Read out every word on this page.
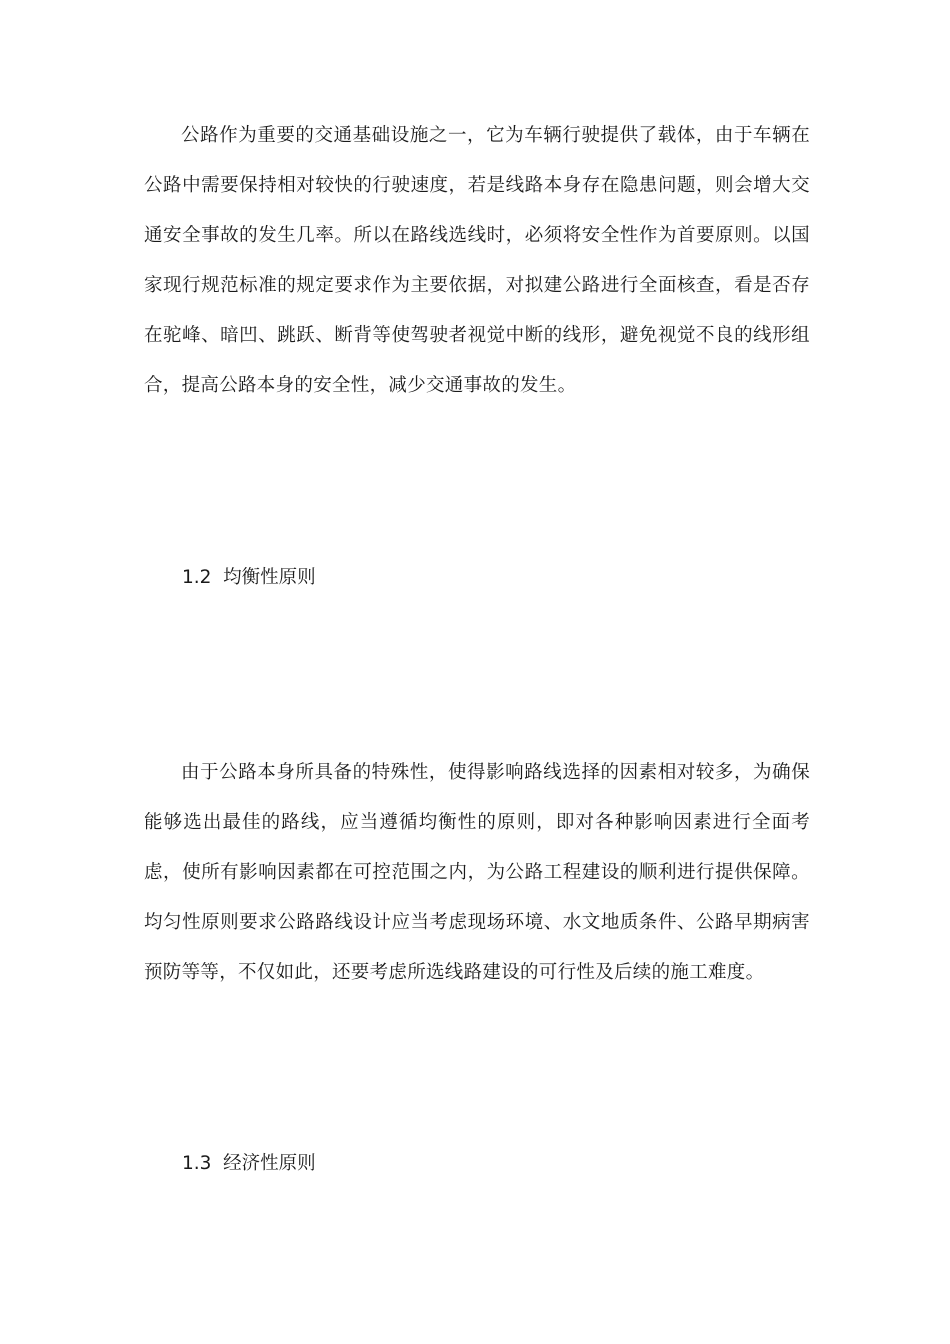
公路作为重要的交通基础设施之一，它为车辆行驶提供了载体，由于车辆在公路中需要保持相对较快的行驶速度，若是线路本身存在隐患问题，则会增大交通安全事故的发生几率。所以在路线选线时，必须将安全性作为首要原则。以国家现行规范标准的规定要求作为主要依据，对拟建公路进行全面核查，看是否存在驼峰、暗凹、跳跃、断背等使驾驶者视觉中断的线形，避免视觉不良的线形组合，提高公路本身的安全性，减少交通事故的发生。

1.2  均衡性原则

由于公路本身所具备的特殊性，使得影响路线选择的因素相对较多，为确保能够选出最佳的路线，应当遵循均衡性的原则，即对各种影响因素进行全面考虑，使所有影响因素都在可控范围之内，为公路工程建设的顺利进行提供保障。均匀性原则要求公路路线设计应当考虑现场环境、水文地质条件、公路早期病害预防等等，不仅如此，还要考虑所选线路建设的可行性及后续的施工难度。

1.3  经济性原则
